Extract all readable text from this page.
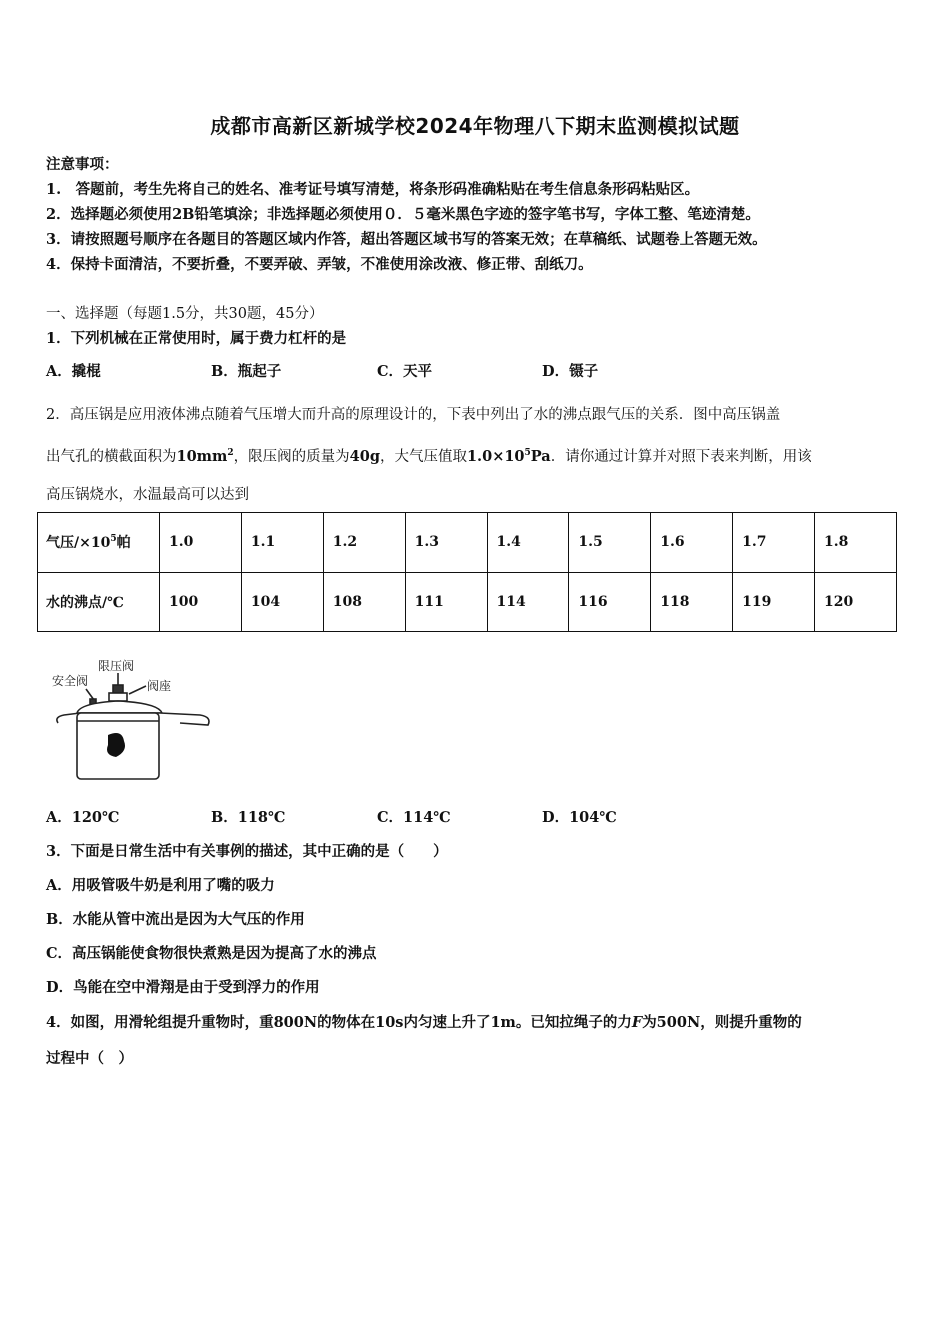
成都市高新区新城学校2024年物理八下期末监测模拟试题
注意事项：
1.　答题前，考生先将自己的姓名、准考证号填写清楚，将条形码准确粘贴在考生信息条形码粘贴区。
2．选择题必须使用2B铅笔填涂；非选择题必须使用０．５毫米黑色字迹的签字笔书写，字体工整、笔迹清楚。
3．请按照题号顺序在各题目的答题区域内作答，超出答题区域书写的答案无效；在草稿纸、试题卷上答题无效。
4．保持卡面清洁，不要折叠，不要弄破、弄皱，不准使用涂改液、修正带、刮纸刀。
一、选择题（每题1.5分，共30题，45分）
1．下列机械在正常使用时，属于费力杠杆的是
A．撬棍	B．瓶起子	C．天平	D．镊子
2．高压锅是应用液体沸点随着气压增大而升高的原理设计的，下表中列出了水的沸点跟气压的关系．图中高压锅盖
出气孔的横截面积为$10mm^2$，限压阀的质量为40g，大气压值取$1.0\times 10^5Pa$．请你通过计算并对照下表来判断，用该
高压锅烧水，水温最高可以达到
气压$/\times 10^5$帕	1.0	1.1	1.2	1.3	1.4	1.5	1.6	1.7	1.8
水的沸点/℃	100	104	108	111	114	116	118	119	120
安全阀
限压阀
阀座
A．120℃	B．118℃	C．114℃	D．104℃
3．下面是日常生活中有关事例的描述，其中正确的是（　　）
A．用吸管吸牛奶是利用了嘴的吸力
B．水能从管中流出是因为大气压的作用
C．高压锅能使食物很快煮熟是因为提高了水的沸点
D．鸟能在空中滑翔是由于受到浮力的作用
4．如图，用滑轮组提升重物时，重800N的物体在10s内匀速上升了1m。已知拉绳子的力F为500N，则提升重物的
过程中（　）
